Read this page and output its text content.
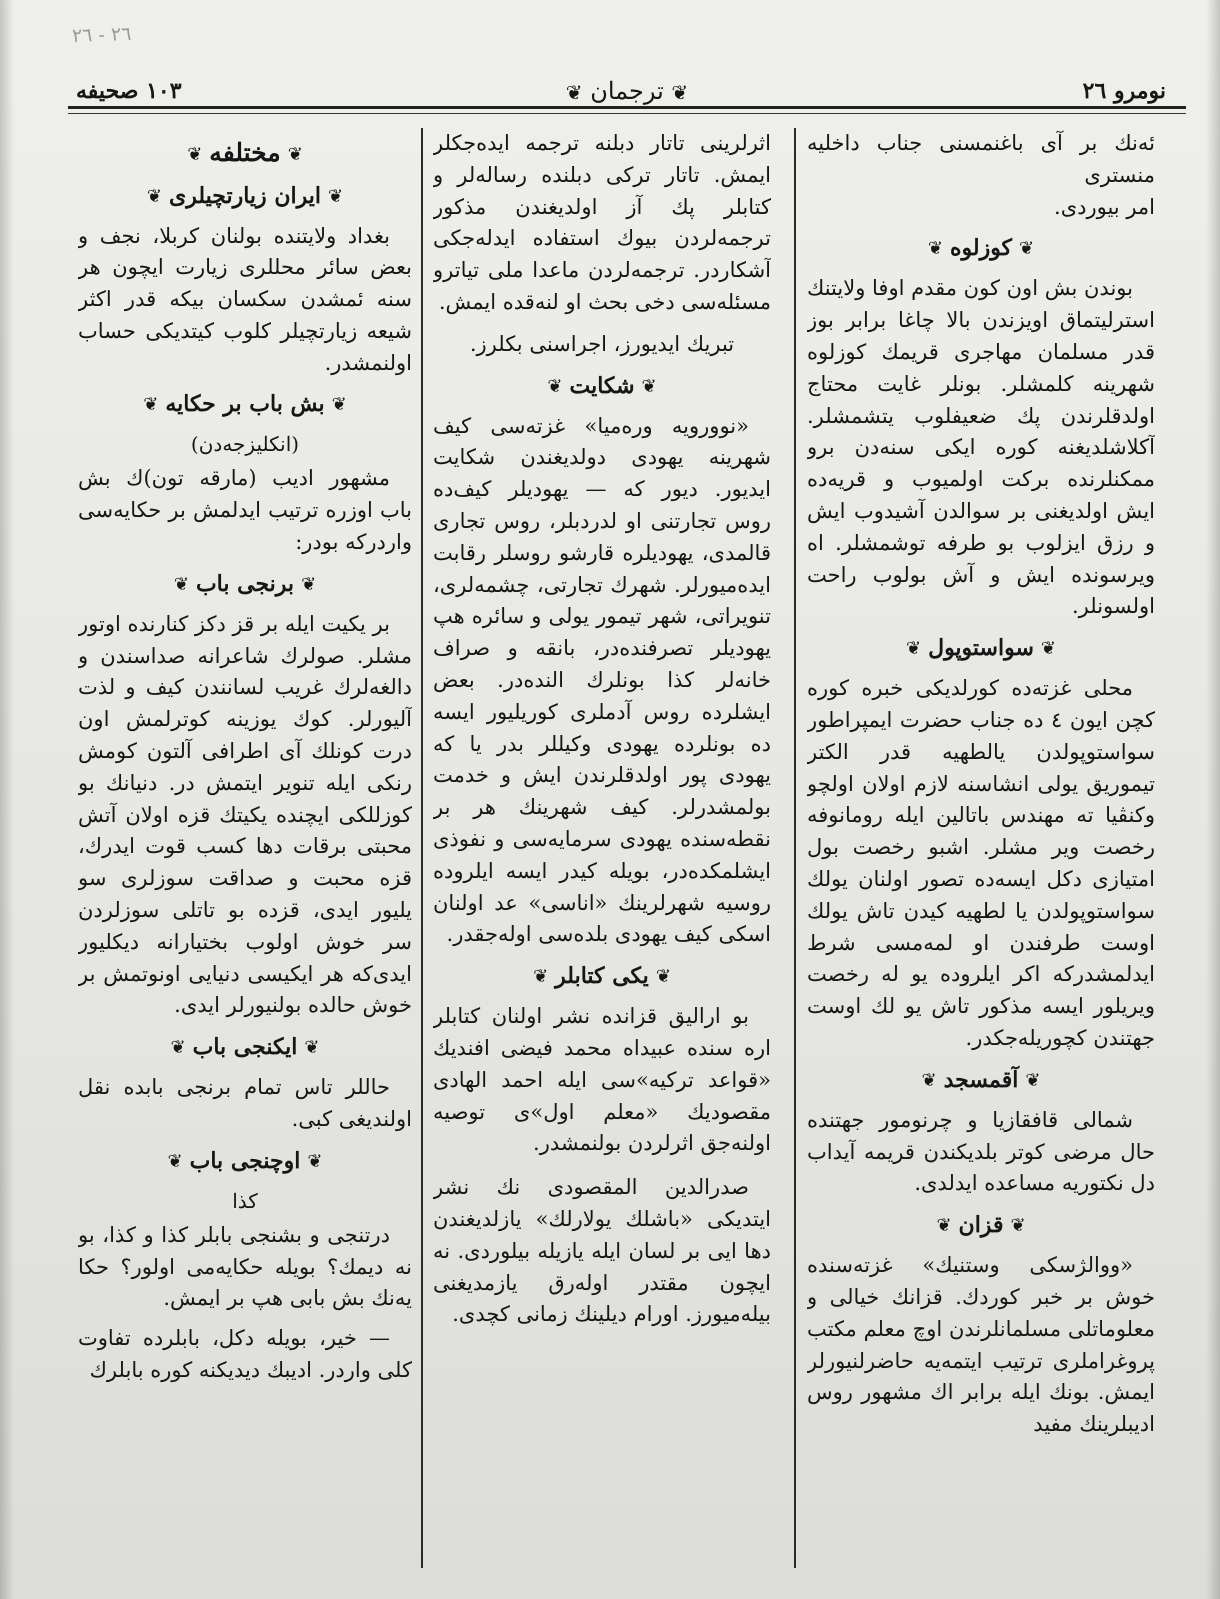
٢٦ - ٢٦
نومرو ٢٦
❦ ترجمان ❦
١٠٣ صحيفه

ئەنك بر آى باغنمسنى جناب داخليه منسترى

امر بيوردى.

❦كوزلوه❦

بوندن بش اون كون مقدم اوفا ولايتنك استرليتماق اويزندن بالا چاغا برابر بوز قدر مسلمان مهاجرى قريمك كوزلوه شهرينه كلمشلر. بونلر غايت محتاج اولدقلرندن پك ضعيفلوب يتشمشلر. آكلاشلديغنه كوره ايكى سنەدن برو ممكنلرنده بركت اولميوب و قريەده ايش اولديغنى بر سوالدن آشيدوب ايش و رزق ايزلوب بو طرفه توشمشلر. اه ويرسونده ايش و آش بولوب راحت اولسونلر.

❦سواستوپول❦

محلى غزتەده كورلديكى خبره كوره كچن ايون ٤ ده جناب حضرت ايمپراطور سواستوپولدن يالطهيه قدر الكتر تيموريق يولى انشاسنه لازم اولان اولچو وكنڤيا ته مهندس باتالين ايله رومانوفه رخصت وير مشلر. اشبو رخصت بول امتيازى دكل ايسەده تصور اولنان يولك سواستوپولدن يا لطهيه كيدن تاش يولك اوست طرفندن او لمەمسى شرط ايدلمشدركه اكر ايلروده يو له رخصت ويريلور ايسه مذكور تاش يو لك اوست جهتندن كچوريلەجكدر.

❦آقمسجد❦

شمالى قافقازيا و چرنومور جهتنده حال مرضى كوتر بلديكندن قريمه آيداب دل نكتوريه مساعده ايدلدى.

❦قزان❦

«ووالژسكى وستنيك» غزتەسنده خوش بر خبر كوردك. قزانك خيالى و معلوماتلى مسلمانلرندن اوچ معلم مكتب پروغراملرى ترتيب ايتمه‌يه حاضرلنيورلر ايمش. بونك ايله برابر اك مشهور روس اديبلرينك مفيد

اثرلرينى تاتار دبلنه ترجمه ايدەجكلر ايمش. تاتار تركى دبلنده رساله‌لر و كتابلر پك آز اولديغندن مذكور ترجمەلردن بيوك استفاده ايدلەجكى آشكاردر. ترجمەلردن ماعدا ملى تياترو مسئله‌سى دخى بحث او لنەقده ايمش.

تبريك ايديورز، اجراسنى بكلرز.

❦شكايت❦

«نوورويه ورەميا» غزته‌سى كيف شهرينه يهودى دولديغندن شكايت ايديور. ديور كه — يهوديلر كيف‌ده روس تجارتنى او لدردبلر، روس تجارى قالمدى، يهوديلره قارشو روسلر رقابت ايده‌ميورلر. شهرك تجارتى، چشمه‌لرى، تنويراتى، شهر تيمور يولى و سائره هپ يهوديلر تصرفنده‌در، بانقه و صراف خانه‌لر كذا بونلرك الندەدر. بعض ايشلرده روس آدملرى كوريليور ايسه ده بونلرده يهودى وكيللر بدر يا كه يهودى پور اولدقلرندن ايش و خدمت بولمشدرلر. كيف شهرينك هر بر نقطه‌سنده يهودى سرمايه‌سى و نفوذى ايشلمكده‌در، بويله كيدر ايسه ايلروده روسيه شهرلرينك «اناسى» عد اولنان اسكى كيف يهودى بلده‌سى اوله‌جقدر.

❦يكى كتابلر❦

بو اراليق قزانده نشر اولنان كتابلر اره سنده عبيداه محمد فيضى افنديك «قواعد تركيه»سى ايله احمد الهادى مقصوديك «معلم اول»ى توصيه اولنه‌جق اثرلردن بولنمشدر.

صدرالدين المقصودى نك نشر ايتديكى «باشلك يولارلك» يازلديغندن دها ايى بر لسان ايله يازيله بيلوردى. نه ايچون مقتدر اولەرق يازمديغنى بيلەميورز. اورام ديلينك زمانى كچدى.

❦مختلفه❦
❦ايران زيارتچيلرى❦

بغداد ولايتنده بولنان كربلا، نجف و بعض سائر محللرى زيارت ايچون هر سنه ئمشدن سكسان بيكه قدر اكثر شيعه زيارتچيلر كلوب كيتديكى حساب اولنمشدر.

❦بش باب بر حكايه❦
(انكليزجه‌دن)

مشهور اديب (مارقه تون)ك بش باب اوزره ترتيب ايدلمش بر حكايه‌سى واردركه بودر:

❦برنجى باب❦

بر يكيت ايله بر قز دكز كنارنده اوتور مشلر. صولرك شاعرانه صداسندن و دالغه‌لرك غريب لسانندن كيف و لذت آليورلر. كوك يوزينه كوترلمش اون درت كونلك آى اطرافى آلتون كومش رنكى ايله تنوير ايتمش در. دنيانك بو كوزللكى ايچنده يكيتك قزه اولان آتش محبتى برقات دها كسب قوت ايدرك، قزه محبت و صداقت سوزلرى سو يليور ايدى، قزده بو تاتلى سوزلردن سر خوش اولوب بختيارانه ديكليور ايدى‌كه هر ايكيسى دنيايى اونوتمش بر خوش حالده بولنيورلر ايدى.

❦ايكنجى باب❦

حاللر تاس تمام برنجى بابده نقل اولنديغى كبى.

❦اوچنجى باب❦
كذا

درتنجى و بشنجى بابلر كذا و كذا، بو نه ديمك؟ بويله حكايه‌مى اولور؟ حكا يه‌نك بش بابى هپ بر ايمش.

— خير، بويله دكل، بابلرده تفاوت كلى واردر. اديبك ديديكنه كوره بابلرك
